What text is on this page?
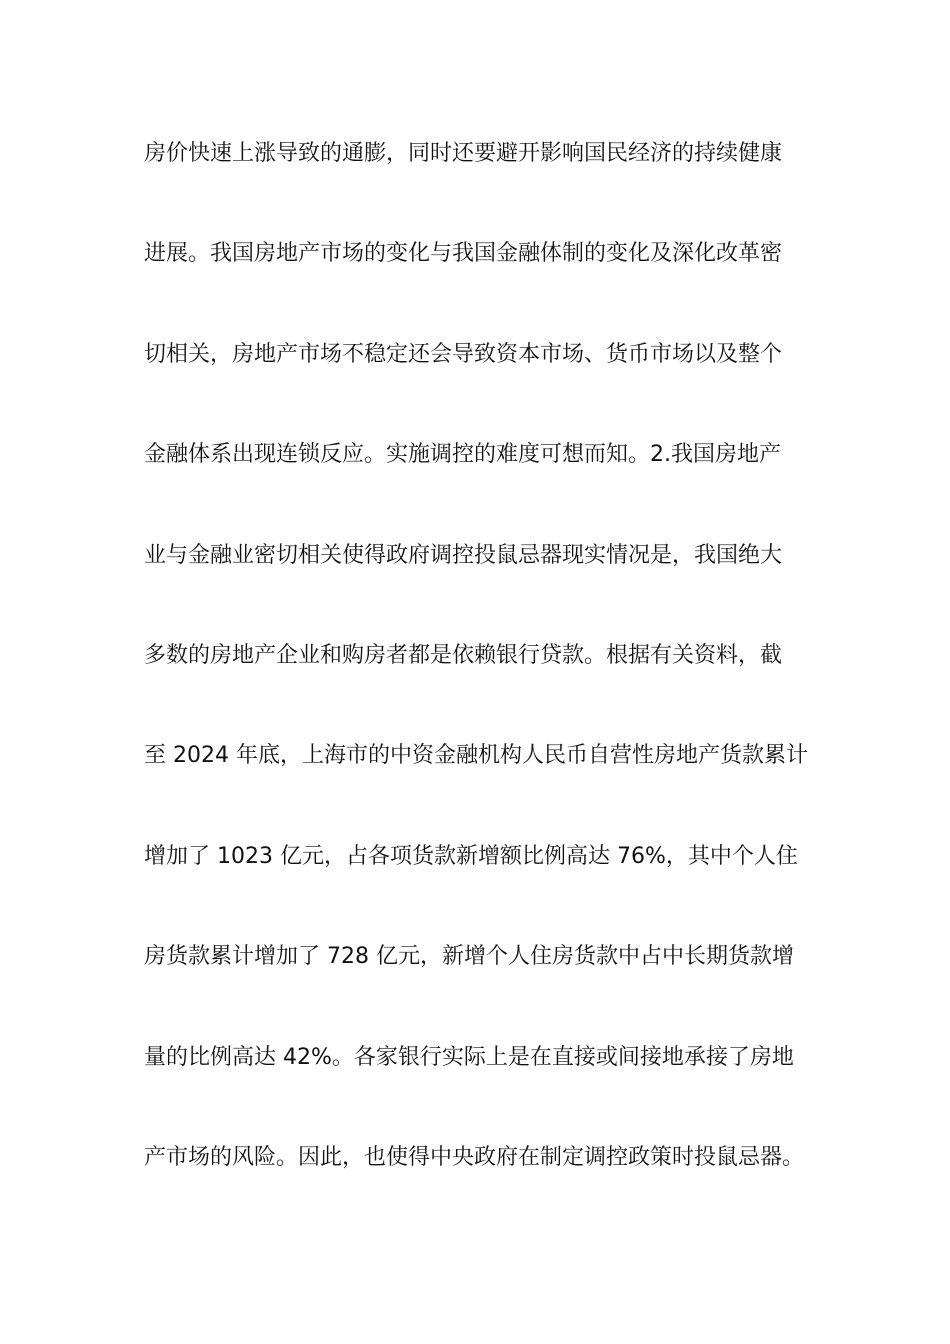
房价快速上涨导致的通膨，同时还要避开影响国民经济的持续健康
进展。我国房地产市场的变化与我国金融体制的变化及深化改革密
切相关，房地产市场不稳定还会导致资本市场、货币市场以及整个
金融体系出现连锁反应。实施调控的难度可想而知。2.我国房地产
业与金融业密切相关使得政府调控投鼠忌器现实情况是，我国绝大
多数的房地产企业和购房者都是依赖银行贷款。根据有关资料，截
至 2024 年底，上海市的中资金融机构人民币自营性房地产货款累计
增加了 1023 亿元，占各项货款新增额比例高达 76%，其中个人住
房货款累计增加了 728 亿元，新增个人住房货款中占中长期货款增
量的比例高达 42%。各家银行实际上是在直接或间接地承接了房地
产市场的风险。因此，也使得中央政府在制定调控政策时投鼠忌器。
